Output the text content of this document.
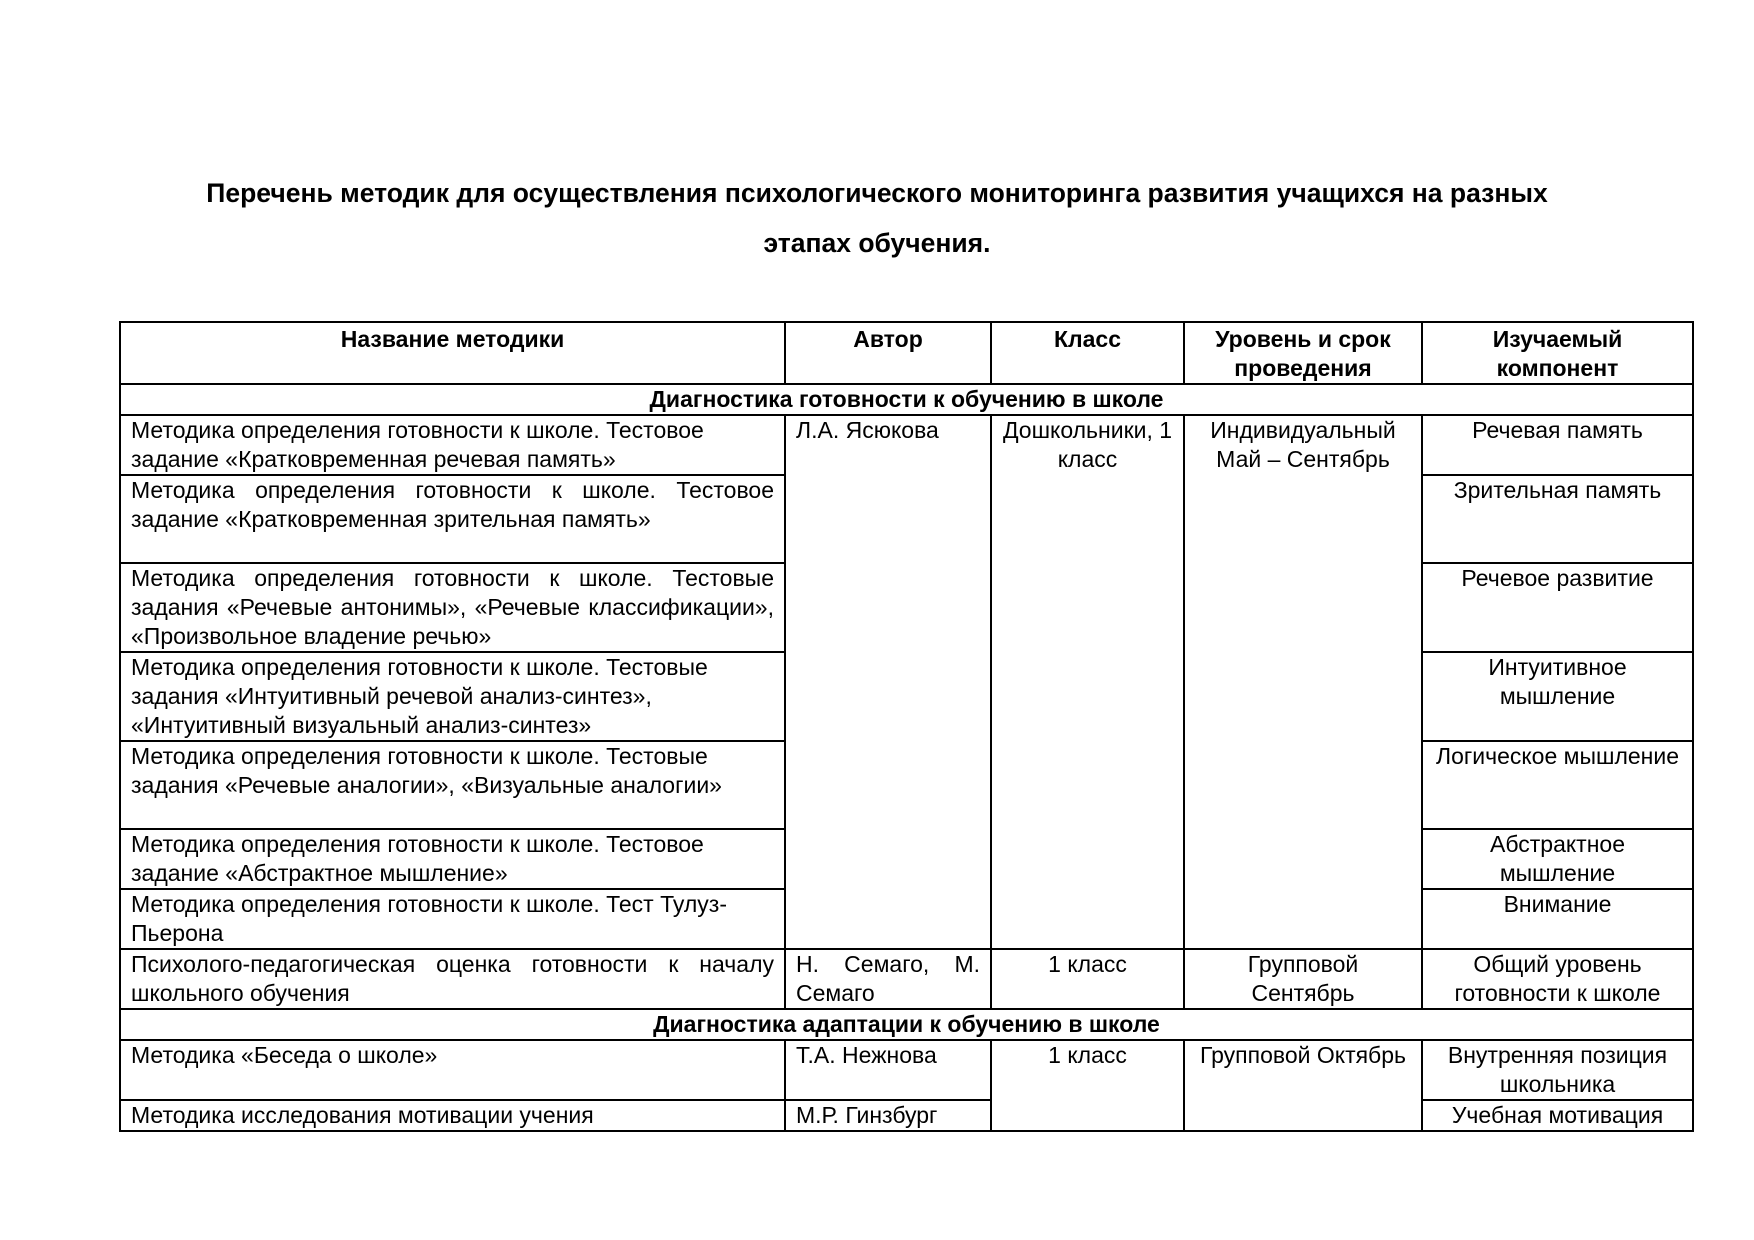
Перечень методик для осуществления психологического мониторинга развития учащихся на разных
этапах обучения.
Название методики	Автор	Класс	Уровень и срок проведения	Изучаемый компонент
Диагностика готовности к обучению в школе				
Методика определения готовности к школе. Тестовое задание «Кратковременная речевая память»	Л.А. Ясюкова	Дошкольники, 1 класс	Индивидуальный Май – Сентябрь	Речевая память
Методика определения готовности к школе. Тестовое задание «Кратковременная зрительная память»				Зрительная память
Методика определения готовности к школе. Тестовые задания «Речевые антонимы», «Речевые классификации», «Произвольное владение речью»				Речевое развитие
Методика определения готовности к школе. Тестовые задания «Интуитивный речевой анализ-синтез», «Интуитивный визуальный анализ-синтез»				Интуитивное мышление
Методика определения готовности к школе. Тестовые задания «Речевые аналогии», «Визуальные аналогии»				Логическое мышление
Методика определения готовности к школе. Тестовое задание «Абстрактное мышление»				Абстрактное мышление
Методика определения готовности к школе. Тест Тулуз-Пьерона				Внимание
Психолого-педагогическая оценка готовности к началу школьного обучения	Н. Семаго, М. Семаго	1 класс	Групповой Сентябрь	Общий уровень готовности к школе
Диагностика адаптации к обучению в школе				
Методика «Беседа о школе»	Т.А. Нежнова	1 класс	Групповой Октябрь	Внутренняя позиция школьника
Методика исследования мотивации учения	М.Р. Гинзбург			Учебная мотивация
